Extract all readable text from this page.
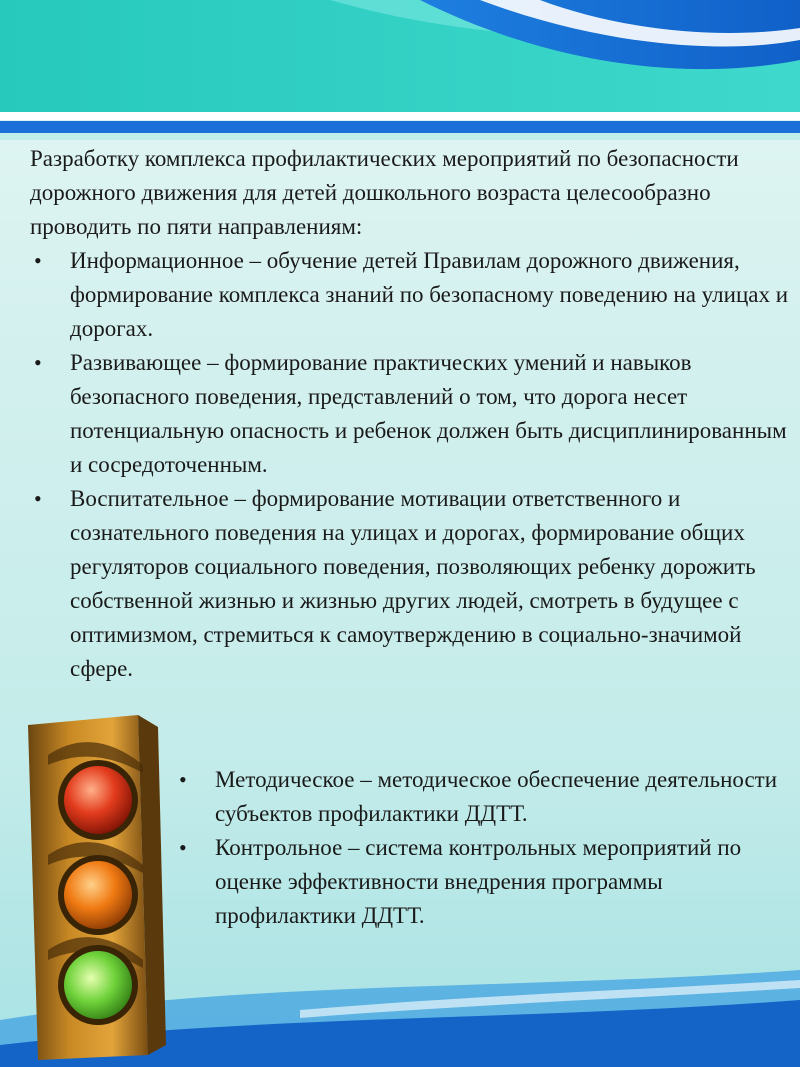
Разработку комплекса профилактических мероприятий по безопасности дорожного движения для детей дошкольного возраста целесообразно проводить по пяти направлениям:

• Информационное – обучение детей Правилам дорожного движения, формирование комплекса знаний по безопасному поведению на улицах и дорогах.
• Развивающее – формирование практических умений и навыков безопасного поведения, представлений о том, что дорога несет потенциальную опасность и ребенок должен быть дисциплинированным и сосредоточенным.
• Воспитательное – формирование мотивации ответственного и сознательного поведения на улицах и дорогах, формирование общих регуляторов социального поведения, позволяющих ребенку дорожить собственной жизнью и жизнью других людей, смотреть в будущее с оптимизмом, стремиться к самоутверждению в социально-значимой сфере.
• Методическое – методическое обеспечение деятельности субъектов профилактики ДДТТ.
• Контрольное – система контрольных мероприятий по оценке эффективности внедрения программы профилактики ДДТТ.
